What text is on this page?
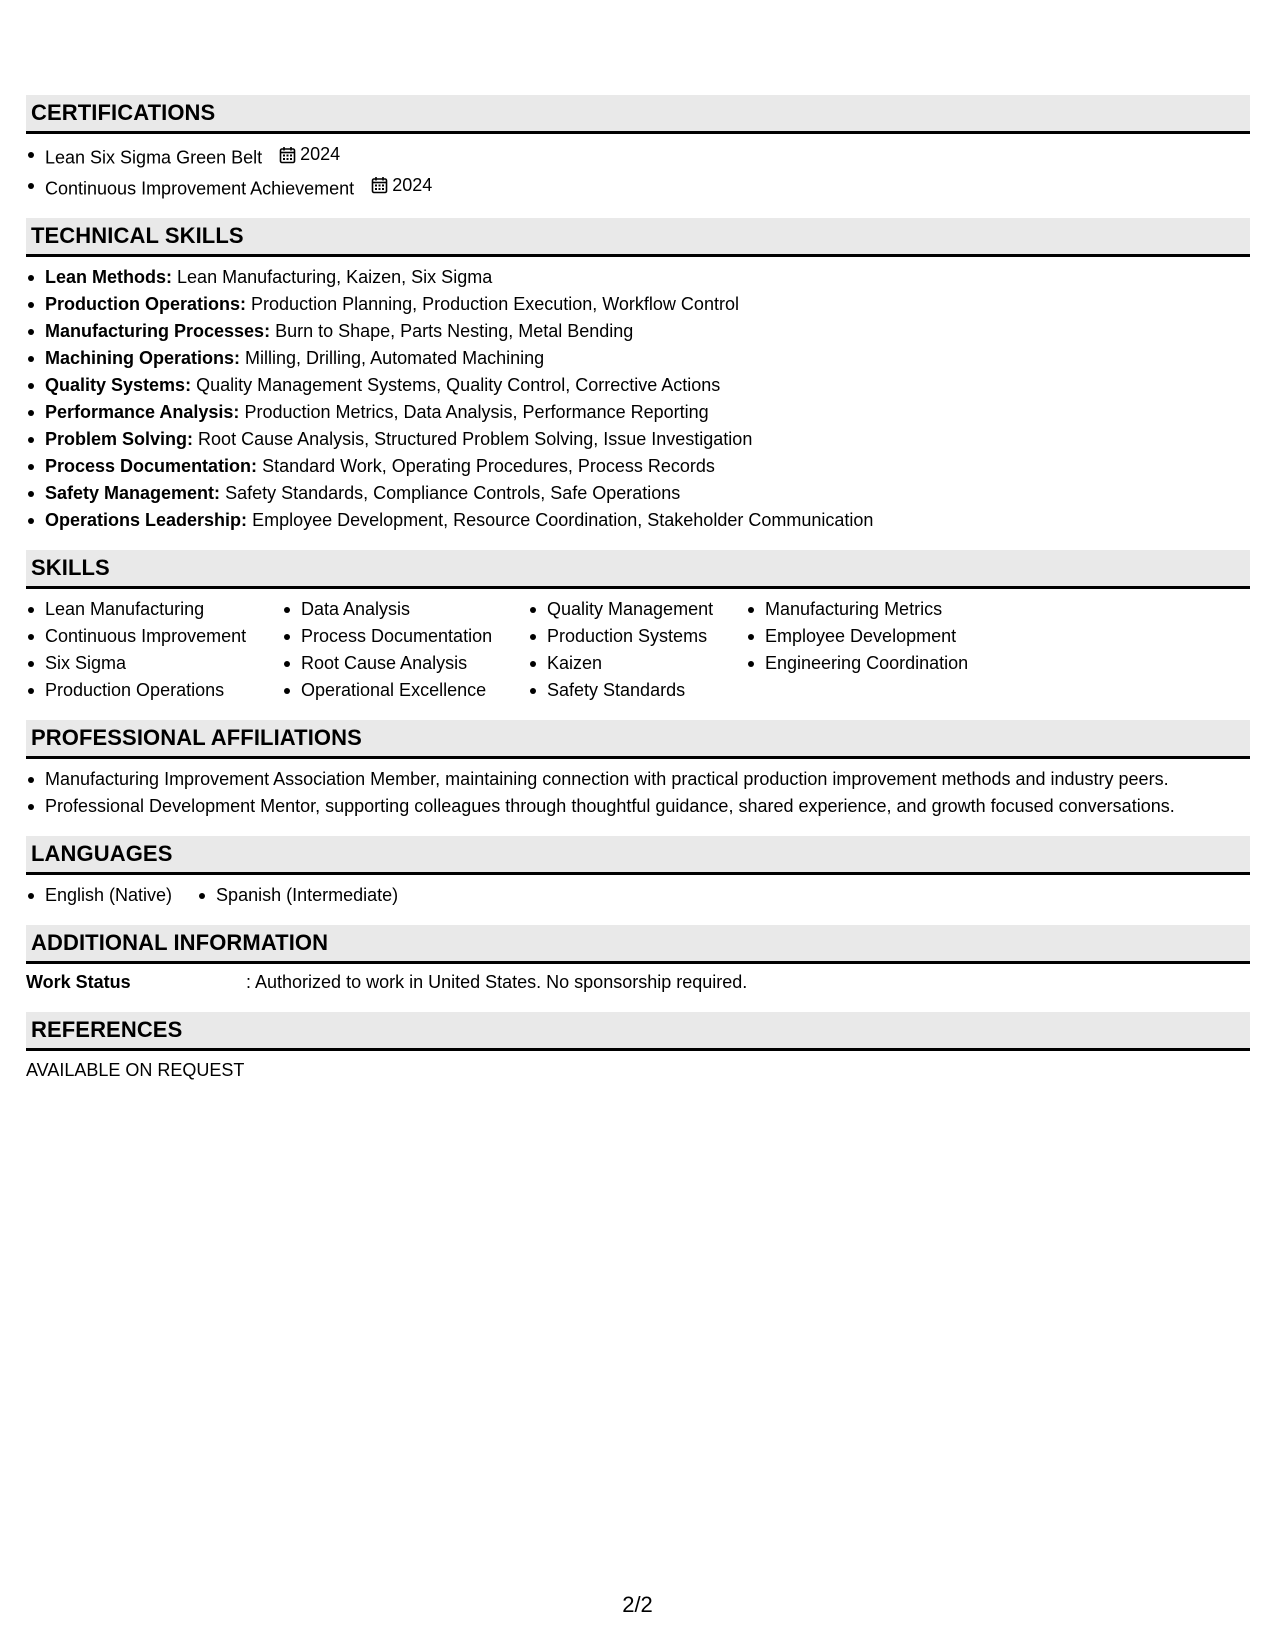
CERTIFICATIONS
Lean Six Sigma Green Belt 2024
Continuous Improvement Achievement 2024
TECHNICAL SKILLS
Lean Methods: Lean Manufacturing, Kaizen, Six Sigma
Production Operations: Production Planning, Production Execution, Workflow Control
Manufacturing Processes: Burn to Shape, Parts Nesting, Metal Bending
Machining Operations: Milling, Drilling, Automated Machining
Quality Systems: Quality Management Systems, Quality Control, Corrective Actions
Performance Analysis: Production Metrics, Data Analysis, Performance Reporting
Problem Solving: Root Cause Analysis, Structured Problem Solving, Issue Investigation
Process Documentation: Standard Work, Operating Procedures, Process Records
Safety Management: Safety Standards, Compliance Controls, Safe Operations
Operations Leadership: Employee Development, Resource Coordination, Stakeholder Communication
SKILLS
Lean Manufacturing
Continuous Improvement
Six Sigma
Production Operations
Data Analysis
Process Documentation
Root Cause Analysis
Operational Excellence
Quality Management
Production Systems
Kaizen
Safety Standards
Manufacturing Metrics
Employee Development
Engineering Coordination
PROFESSIONAL AFFILIATIONS
Manufacturing Improvement Association Member, maintaining connection with practical production improvement methods and industry peers.
Professional Development Mentor, supporting colleagues through thoughtful guidance, shared experience, and growth focused conversations.
LANGUAGES
English (Native)	Spanish (Intermediate)
ADDITIONAL INFORMATION
Work Status	: Authorized to work in United States. No sponsorship required.
REFERENCES
AVAILABLE ON REQUEST
2/2
